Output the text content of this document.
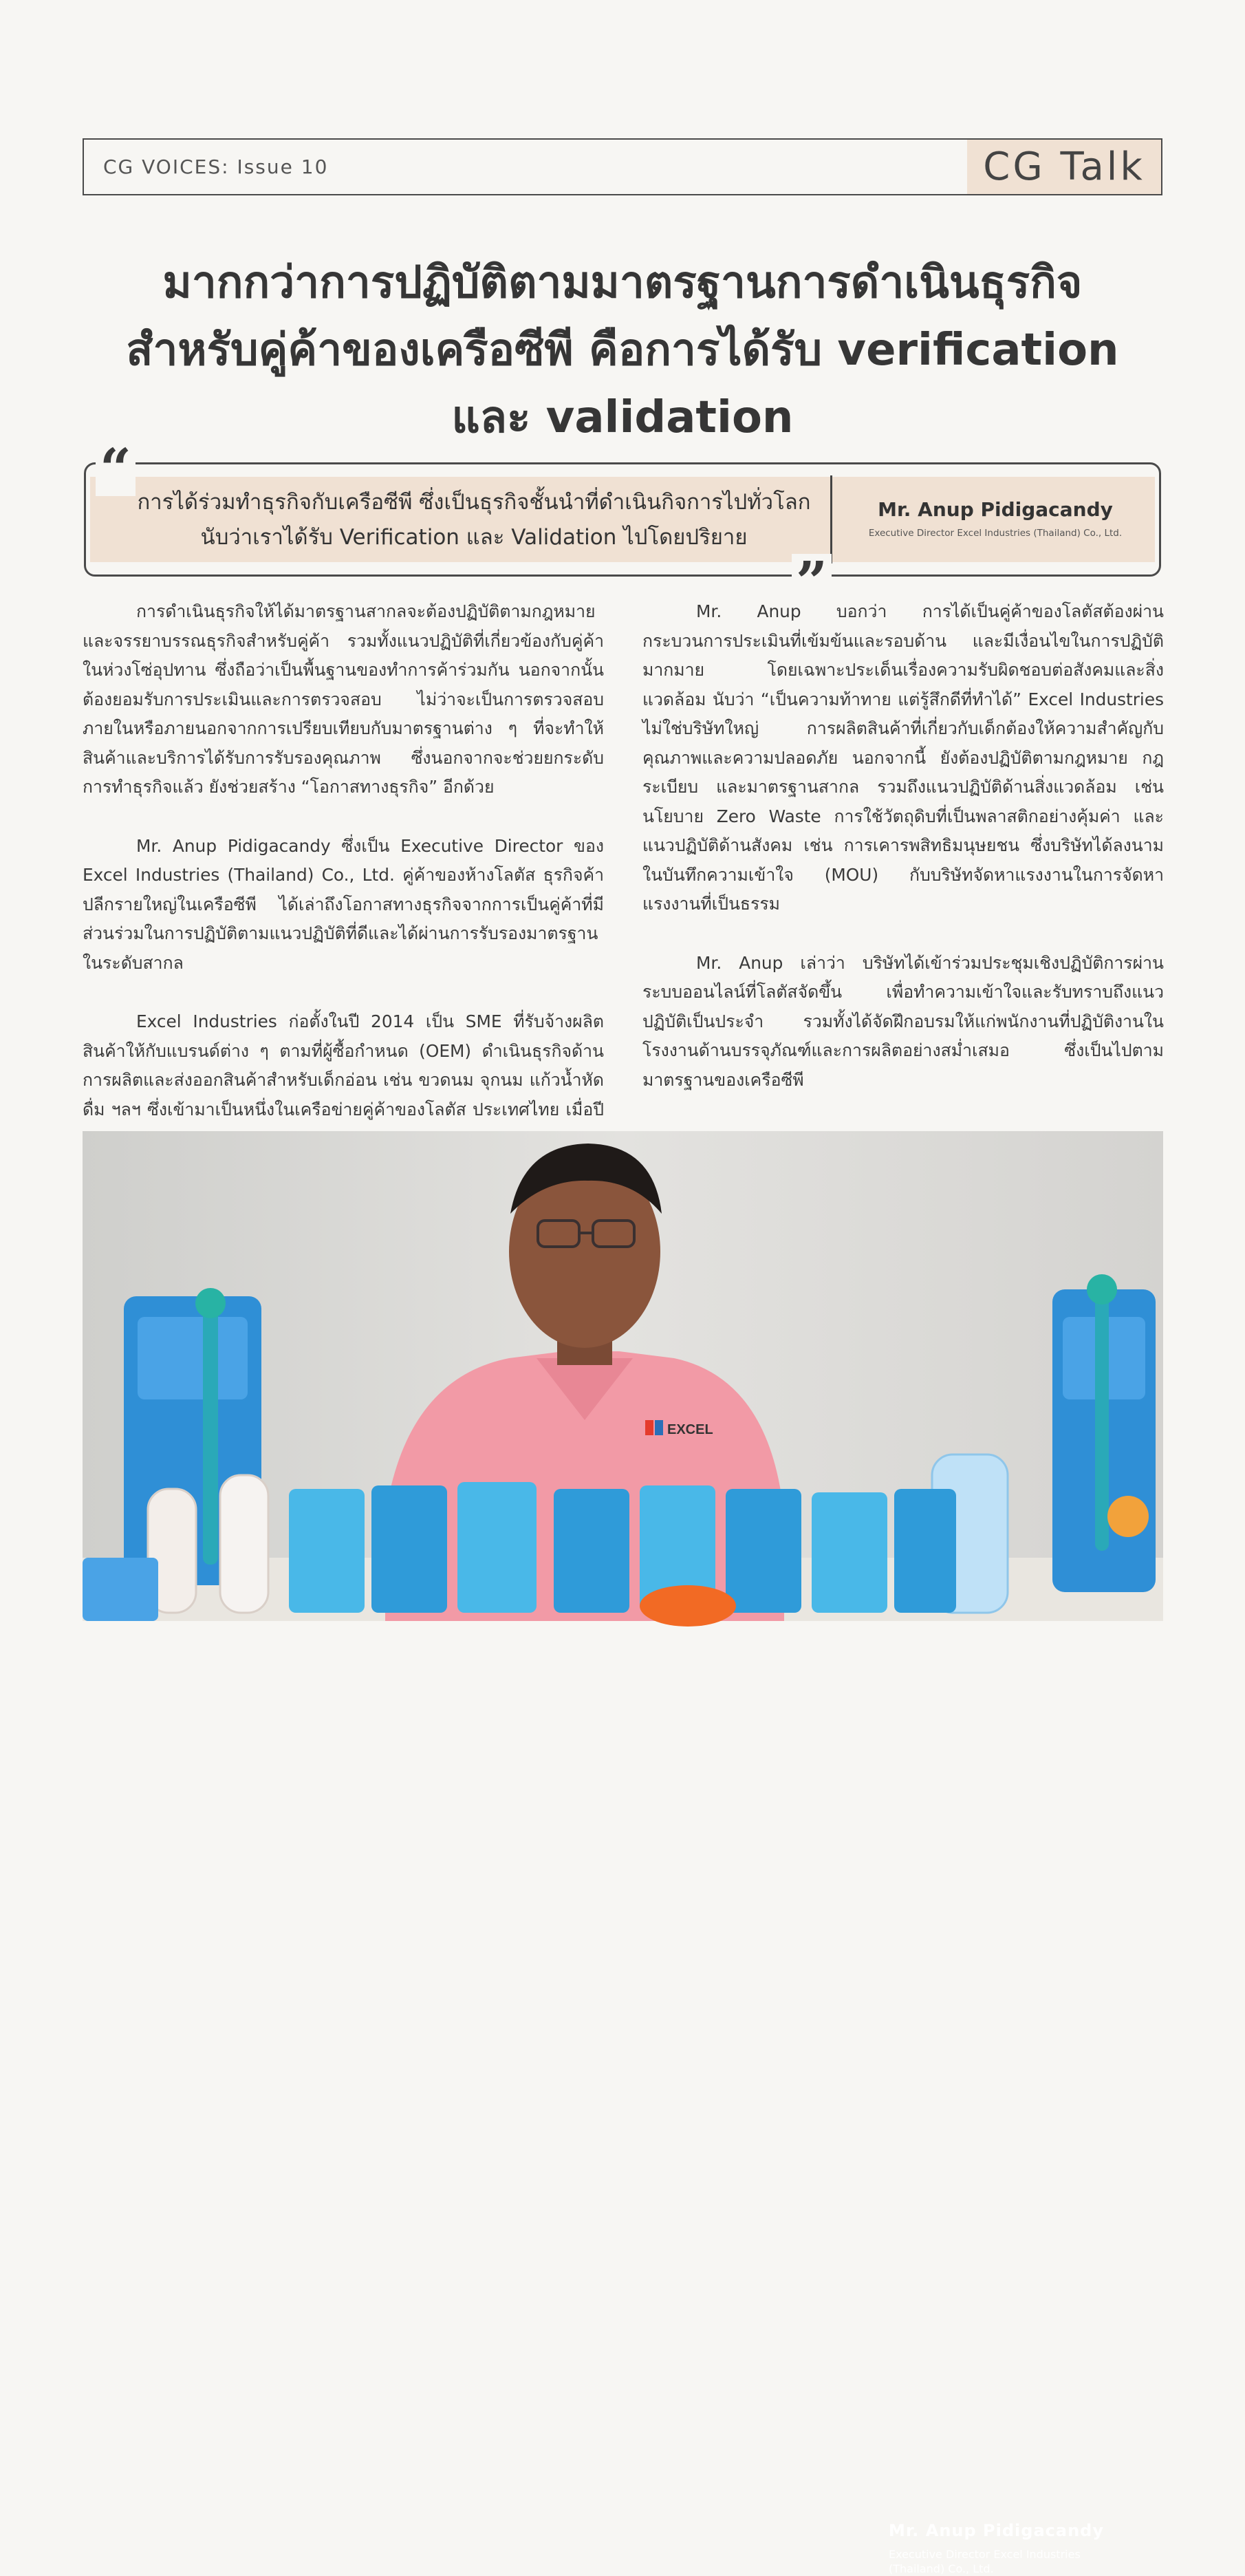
CG VOICES: Issue 10	CG Talk
มากกว่าการปฏิบัติตามมาตรฐานการดำเนินธุรกิจ
สำหรับคู่ค้าของเครือซีพี คือการได้รับ verification
และ validation
“
การได้ร่วมทำธุรกิจกับเครือซีพี ซึ่งเป็นธุรกิจชั้นนำที่ดำเนินกิจการไปทั่วโลก
นับว่าเราได้รับ Verification และ Validation ไปโดยปริยาย
Mr. Anup Pidigacandy
Executive Director Excel Industries (Thailand) Co., Ltd.
”

การดำเนินธุรกิจให้ได้มาตรฐานสากลจะต้องปฏิบัติตามกฎหมายและจรรยาบรรณธุรกิจสำหรับคู่ค้า รวมทั้งแนวปฏิบัติที่เกี่ยวข้องกับคู่ค้าในห่วงโซ่อุปทาน ซึ่งถือว่าเป็นพื้นฐานของทำการค้าร่วมกัน นอกจากนั้นต้องยอมรับการประเมินและการตรวจสอบ ไม่ว่าจะเป็นการตรวจสอบภายในหรือภายนอกจากการเปรียบเทียบกับมาตรฐานต่าง ๆ ที่จะทำให้สินค้าและบริการได้รับการรับรองคุณภาพ ซึ่งนอกจากจะช่วยยกระดับการทำธุรกิจแล้ว ยังช่วยสร้าง “โอกาสทางธุรกิจ” อีกด้วย

Mr. Anup Pidigacandy ซึ่งเป็น Executive Director ของ Excel Industries (Thailand) Co., Ltd. คู่ค้าของห้างโลตัส ธุรกิจค้าปลีกรายใหญ่ในเครือซีพี ได้เล่าถึงโอกาสทางธุรกิจจากการเป็นคู่ค้าที่มีส่วนร่วมในการปฏิบัติตามแนวปฏิบัติที่ดีและได้ผ่านการรับรองมาตรฐานในระดับสากล

Excel Industries ก่อตั้งในปี 2014 เป็น SME ที่รับจ้างผลิตสินค้าให้กับแบรนด์ต่าง ๆ ตามที่ผู้ซื้อกำหนด (OEM) ดำเนินธุรกิจด้านการผลิตและส่งออกสินค้าสำหรับเด็กอ่อน เช่น ขวดนม จุกนม แก้วน้ำหัดดื่ม ฯลฯ ซึ่งเข้ามาเป็นหนึ่งในเครือข่ายคู่ค้าของโลตัส ประเทศไทย เมื่อปี

Mr. Anup บอกว่า การได้เป็นคู่ค้าของโลตัสต้องผ่านกระบวนการประเมินที่เข้มข้นและรอบด้าน และมีเงื่อนไขในการปฏิบัติมากมาย โดยเฉพาะประเด็นเรื่องความรับผิดชอบต่อสังคมและสิ่งแวดล้อม นับว่า “เป็นความท้าทาย แต่รู้สึกดีที่ทำได้” Excel Industries ไม่ใช่บริษัทใหญ่ การผลิตสินค้าที่เกี่ยวกับเด็กต้องให้ความสำคัญกับคุณภาพและความปลอดภัย นอกจากนี้ ยังต้องปฏิบัติตามกฎหมาย กฎระเบียบ และมาตรฐานสากล รวมถึงแนวปฏิบัติด้านสิ่งแวดล้อม เช่น นโยบาย Zero Waste การใช้วัตถุดิบที่เป็นพลาสติกอย่างคุ้มค่า และแนวปฏิบัติด้านสังคม เช่น การเคารพสิทธิมนุษยชน ซึ่งบริษัทได้ลงนามในบันทึกความเข้าใจ (MOU) กับบริษัทจัดหาแรงงานในการจัดหาแรงงานที่เป็นธรรม

Mr. Anup เล่าว่า บริษัทได้เข้าร่วมประชุมเชิงปฏิบัติการผ่านระบบออนไลน์ที่โลตัสจัดขึ้น เพื่อทำความเข้าใจและรับทราบถึงแนวปฏิบัติเป็นประจำ รวมทั้งได้จัดฝึกอบรมให้แก่พนักงานที่ปฏิบัติงานในโรงงานด้านบรรจุภัณฑ์และการผลิตอย่างสม่ำเสมอ ซึ่งเป็นไปตามมาตรฐานของเครือซีพี

EXCEL
Mr. Anup Pidigacandy
Executive Director Excel Industries
(Thailand) Co., Ltd.
